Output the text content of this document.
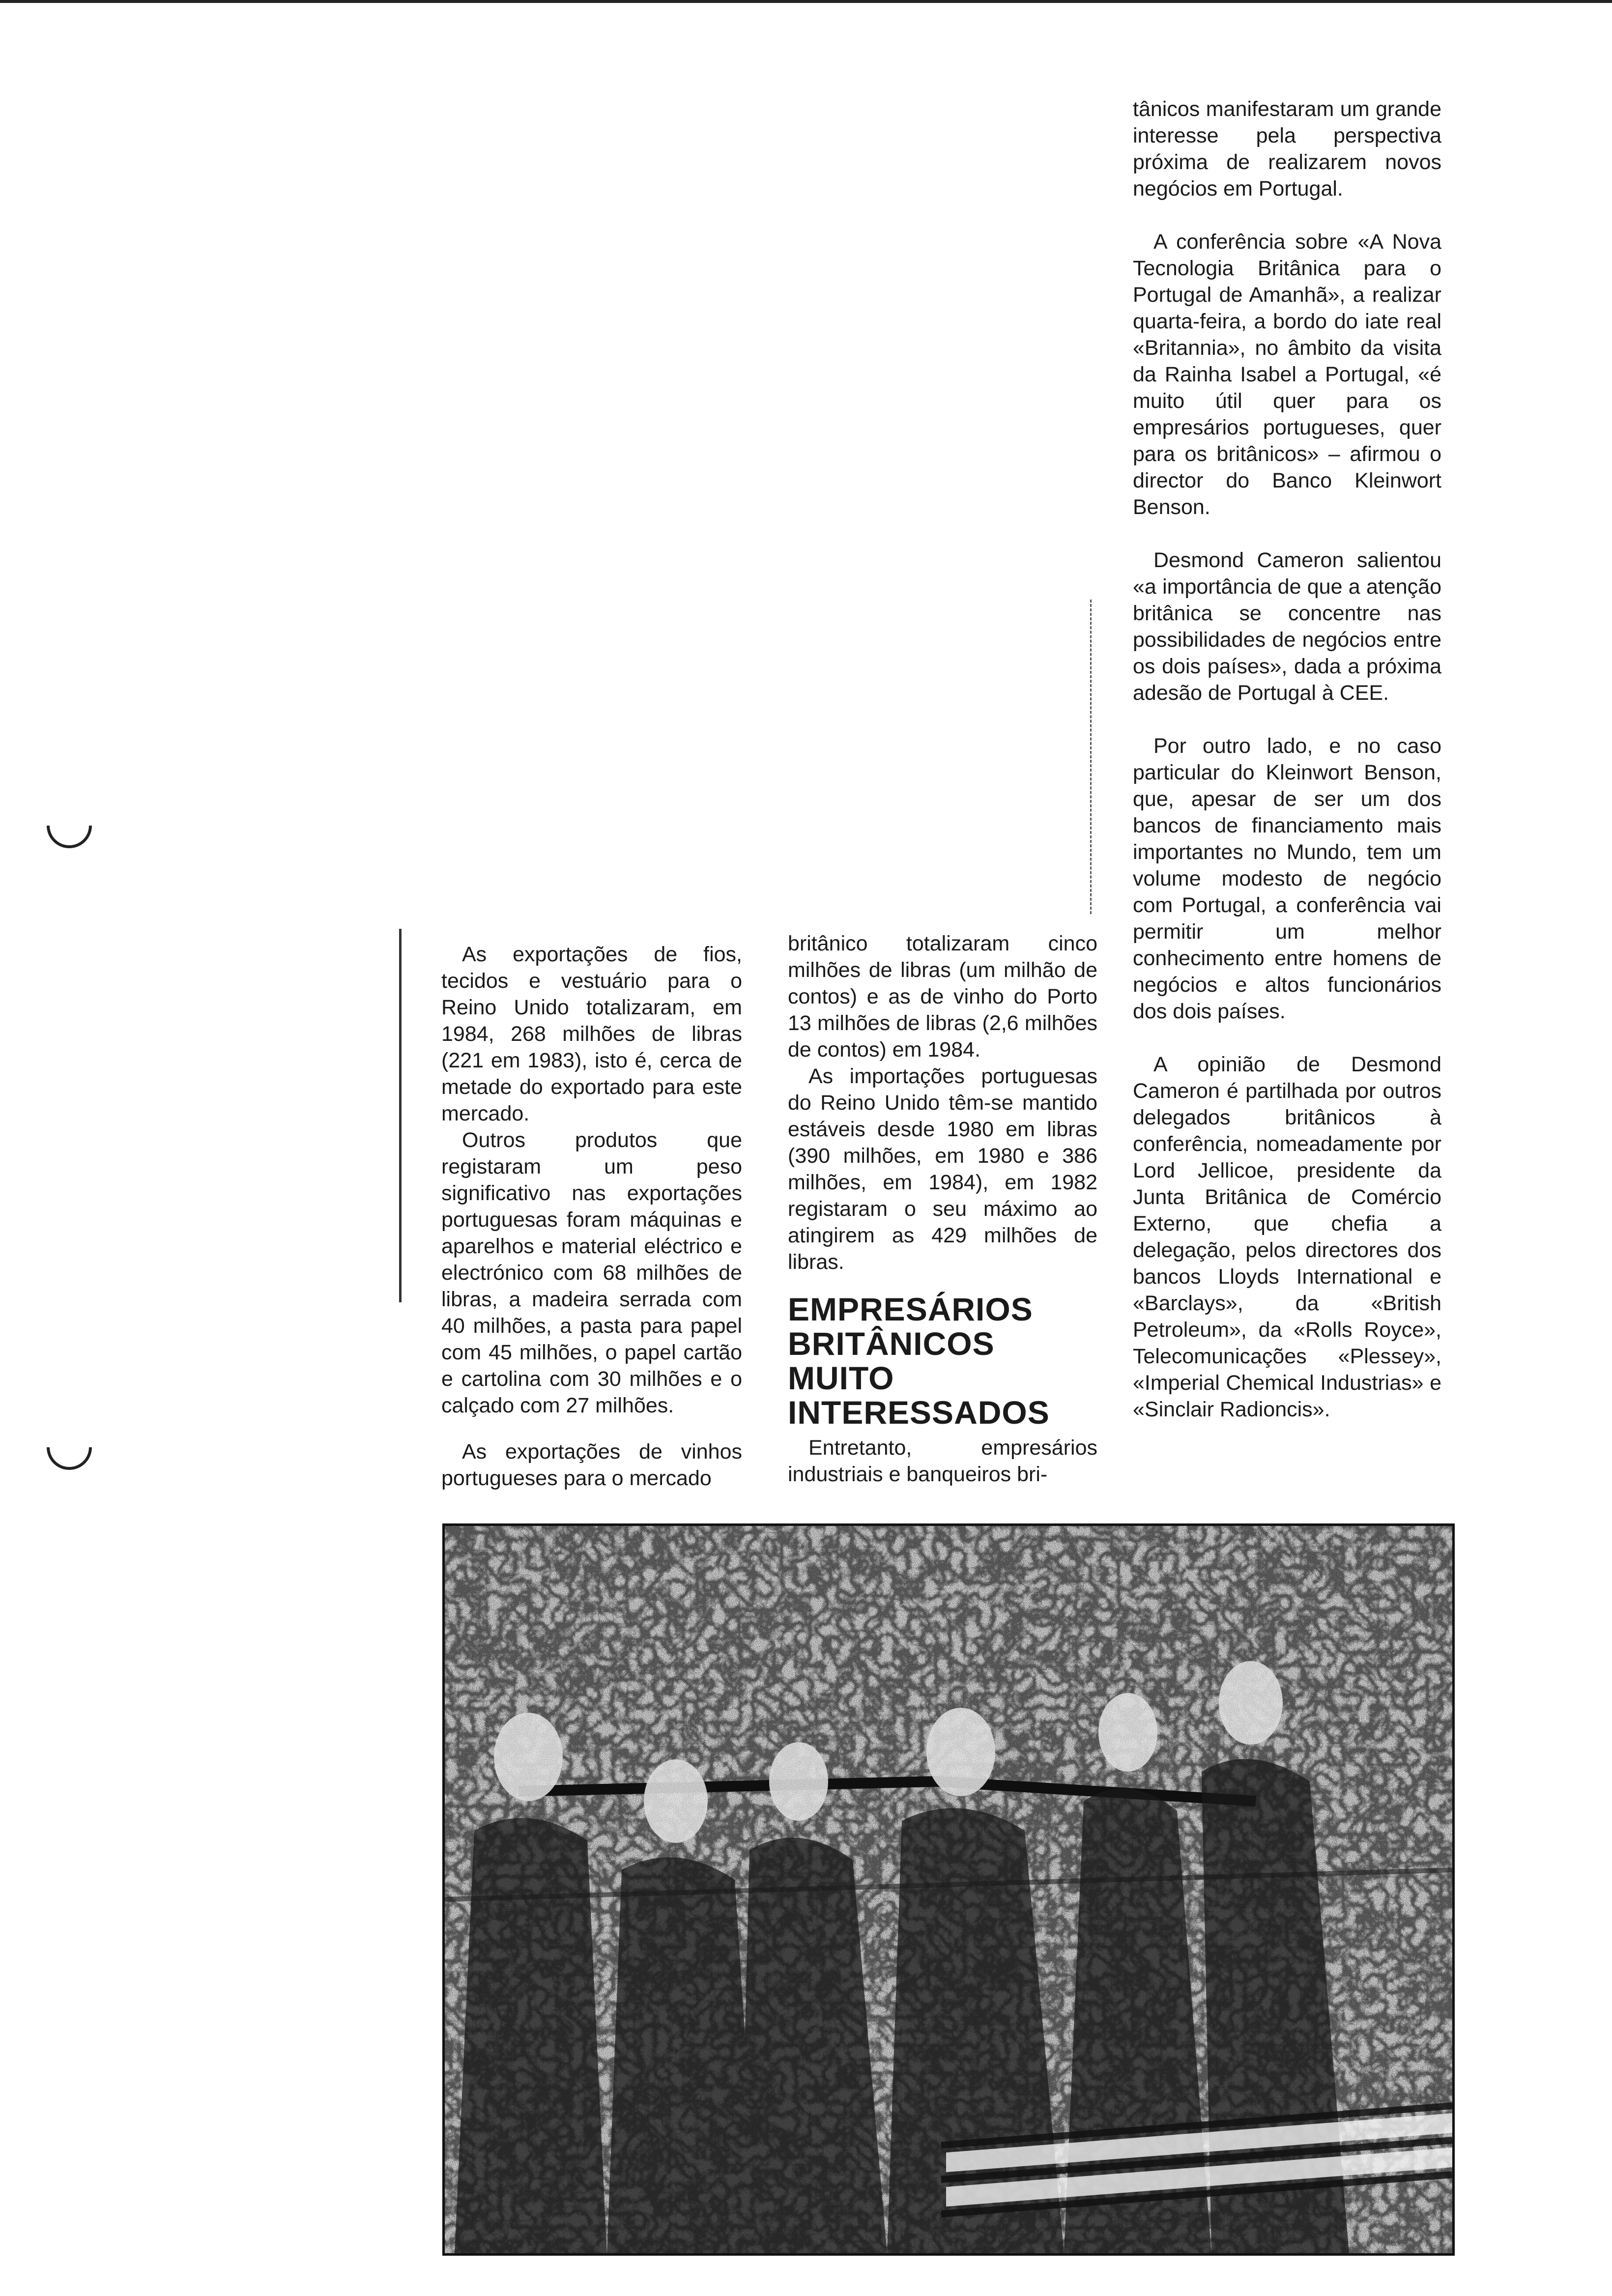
As exportações de fios, tecidos e vestuário para o Reino Unido totalizaram, em 1984, 268 milhões de libras (221 em 1983), isto é, cerca de metade do exportado para este mercado.

Outros produtos que registaram um peso significativo nas exportações portuguesas foram máquinas e aparelhos e material eléctrico e electrónico com 68 milhões de libras, a madeira serrada com 40 milhões, a pasta para papel com 45 milhões, o papel cartão e cartolina com 30 milhões e o calçado com 27 milhões.

As exportações de vinhos portugueses para o mercado

britânico totalizaram cinco milhões de libras (um milhão de contos) e as de vinho do Porto 13 milhões de libras (2,6 milhões de contos) em 1984.

As importações portuguesas do Reino Unido têm-se mantido estáveis desde 1980 em libras (390 milhões, em 1980 e 386 milhões, em 1984), em 1982 registaram o seu máximo ao atingirem as 429 milhões de libras.

EMPRESÁRIOS BRITÂNICOS MUITO INTERESSADOS

Entretanto, empresários industriais e banqueiros bri-

tânicos manifestaram um grande interesse pela perspectiva próxima de realizarem novos negócios em Portugal.

A conferência sobre «A Nova Tecnologia Britânica para o Portugal de Amanhã», a realizar quarta-feira, a bordo do iate real «Britannia», no âmbito da visita da Rainha Isabel a Portugal, «é muito útil quer para os empresários portugueses, quer para os britânicos» – afirmou o director do Banco Kleinwort Benson.

Desmond Cameron salientou «a importância de que a atenção britânica se concentre nas possibilidades de negócios entre os dois países», dada a próxima adesão de Portugal à CEE.

Por outro lado, e no caso particular do Kleinwort Benson, que, apesar de ser um dos bancos de financiamento mais importantes no Mundo, tem um volume modesto de negócio com Portugal, a conferência vai permitir um melhor conhecimento entre homens de negócios e altos funcionários dos dois países.

A opinião de Desmond Cameron é partilhada por outros delegados britânicos à conferência, nomeadamente por Lord Jellicoe, presidente da Junta Britânica de Comércio Externo, que chefia a delegação, pelos directores dos bancos Lloyds International e «Barclays», da «British Petroleum», da «Rolls Royce», Telecomunicações «Plessey», «Imperial Chemical Industrias» e «Sinclair Radioncis».
